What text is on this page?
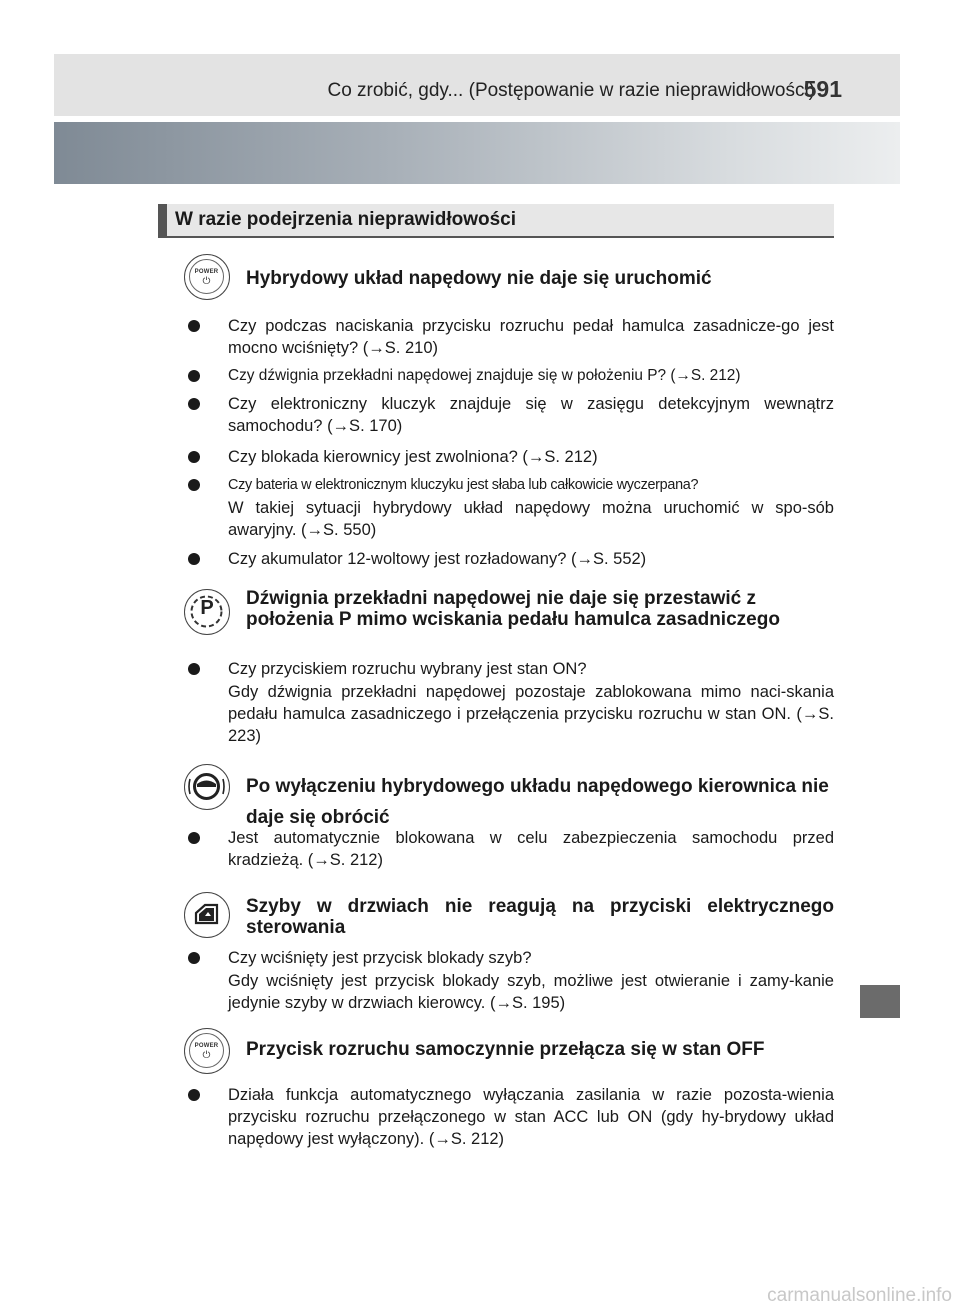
Co zrobić, gdy... (Postępowanie w razie nieprawidłowości)
591
W razie podejrzenia nieprawidłowości
POWER
⏻	Hybrydowy układ napędowy nie daje się uruchomić
Czy podczas naciskania przycisku rozruchu pedał hamulca zasadnicze-go jest mocno wciśnięty? (→S. 210)
Czy dźwignia przekładni napędowej znajduje się w położeniu P? (→S. 212)
Czy elektroniczny kluczyk znajduje się w zasięgu detekcyjnym wewnątrz samochodu? (→S. 170)
Czy blokada kierownicy jest zwolniona? (→S. 212)
Czy bateria w elektronicznym kluczyku jest słaba lub całkowicie wyczerpana?
W takiej sytuacji hybrydowy układ napędowy można uruchomić w spo-sób awaryjny. (→S. 550)
Czy akumulator 12-woltowy jest rozładowany? (→S. 552)
P	Dźwignia przekładni napędowej nie daje się przestawić z położenia P mimo wciskania pedału hamulca zasadniczego
Czy przyciskiem rozruchu wybrany jest stan ON?
Gdy dźwignia przekładni napędowej pozostaje zablokowana mimo naci-skania pedału hamulca zasadniczego i przełączenia przycisku rozruchu w stan ON. (→S. 223)
Po wyłączeniu hybrydowego układu napędowego kierownica nie daje się obrócić
Jest automatycznie blokowana w celu zabezpieczenia samochodu przed kradzieżą. (→S. 212)
Szyby w drzwiach nie reagują na przyciski elektrycznego sterowania
Czy wciśnięty jest przycisk blokady szyb?
Gdy wciśnięty jest przycisk blokady szyb, możliwe jest otwieranie i zamy-kanie jedynie szyby w drzwiach kierowcy. (→S. 195)
POWER
⏻	Przycisk rozruchu samoczynnie przełącza się w stan OFF
Działa funkcja automatycznego wyłączania zasilania w razie pozosta-wienia przycisku rozruchu przełączonego w stan ACC lub ON (gdy hy-brydowy układ napędowy jest wyłączony). (→S. 212)
carmanualsonline.info
